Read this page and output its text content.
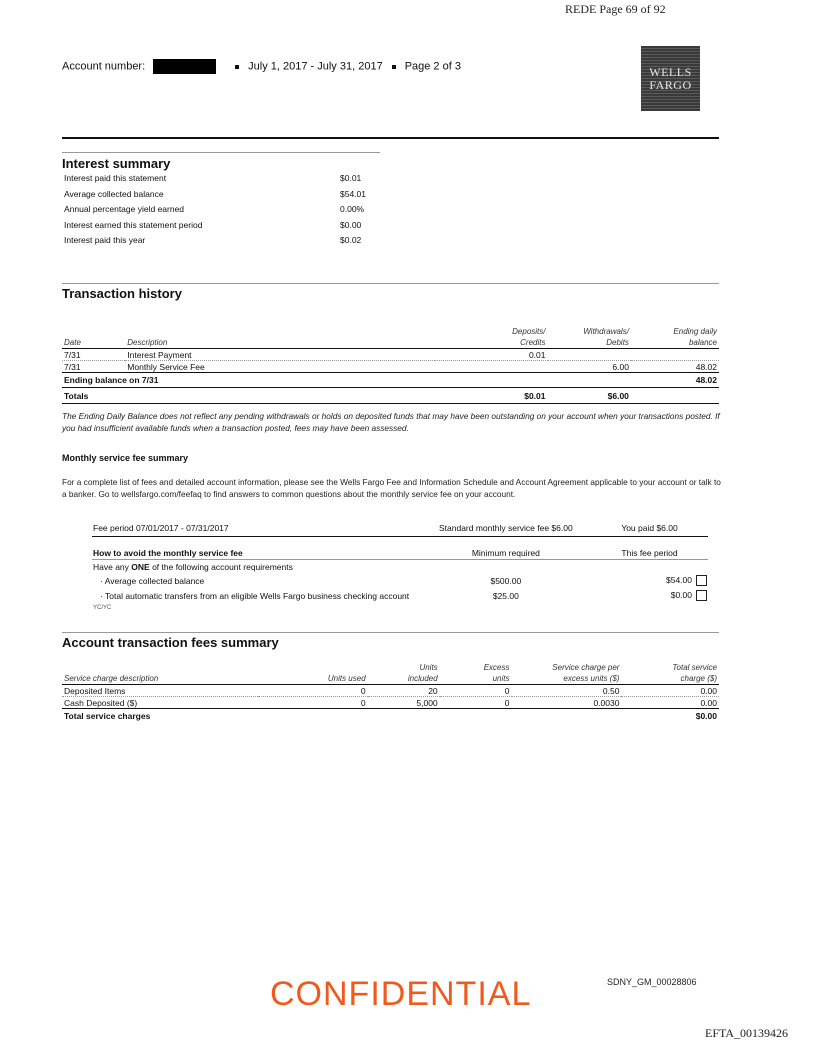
REDE Page 69 of 92
Account number:	July 1, 2017 - July 31, 2017 Page 2 of 3	WELLS
FARGO
Interest summary
Interest paid this statement	$0.01
Average collected balance	$54.01
Annual percentage yield earned	0.00%
Interest earned this statement period	$0.00
Interest paid this year	$0.02
Transaction history
		Deposits/	Withdrawals/	Ending daily
Date	Description	Credits	Debits	balance
7/31	Interest Payment	0.01		
7/31	Monthly Service Fee		6.00	48.02
Ending balance on 7/31				48.02
Totals		$0.01	$6.00	
The Ending Daily Balance does not reflect any pending withdrawals or holds on deposited funds that may have been outstanding on your account when your transactions posted. If you had insufficient available funds when a transaction posted, fees may have been assessed.
Monthly service fee summary
For a complete list of fees and detailed account information, please see the Wells Fargo Fee and Information Schedule and Account Agreement applicable to your account or talk to a banker. Go to wellsfargo.com/feefaq to find answers to common questions about the monthly service fee on your account.
Fee period 07/01/2017 - 07/31/2017	Standard monthly service fee $6.00	You paid $6.00
How to avoid the monthly service fee	Minimum required	This fee period
Have any ONE of the following account requirements		
· Average collected balance	$500.00	$54.00
· Total automatic transfers from an eligible Wells Fargo business checking account	$25.00	$0.00
YC/YC		
Account transaction fees summary
		Units	Excess	Service charge per	Total service
Service charge description	Units used	included	units	excess units ($)	charge ($)
Deposited Items	0	20	0	0.50	0.00
Cash Deposited ($)	0	5,000	0	0.0030	0.00
Total service charges					$0.00
CONFIDENTIAL	SDNY_GM_00028806
EFTA_00139426
